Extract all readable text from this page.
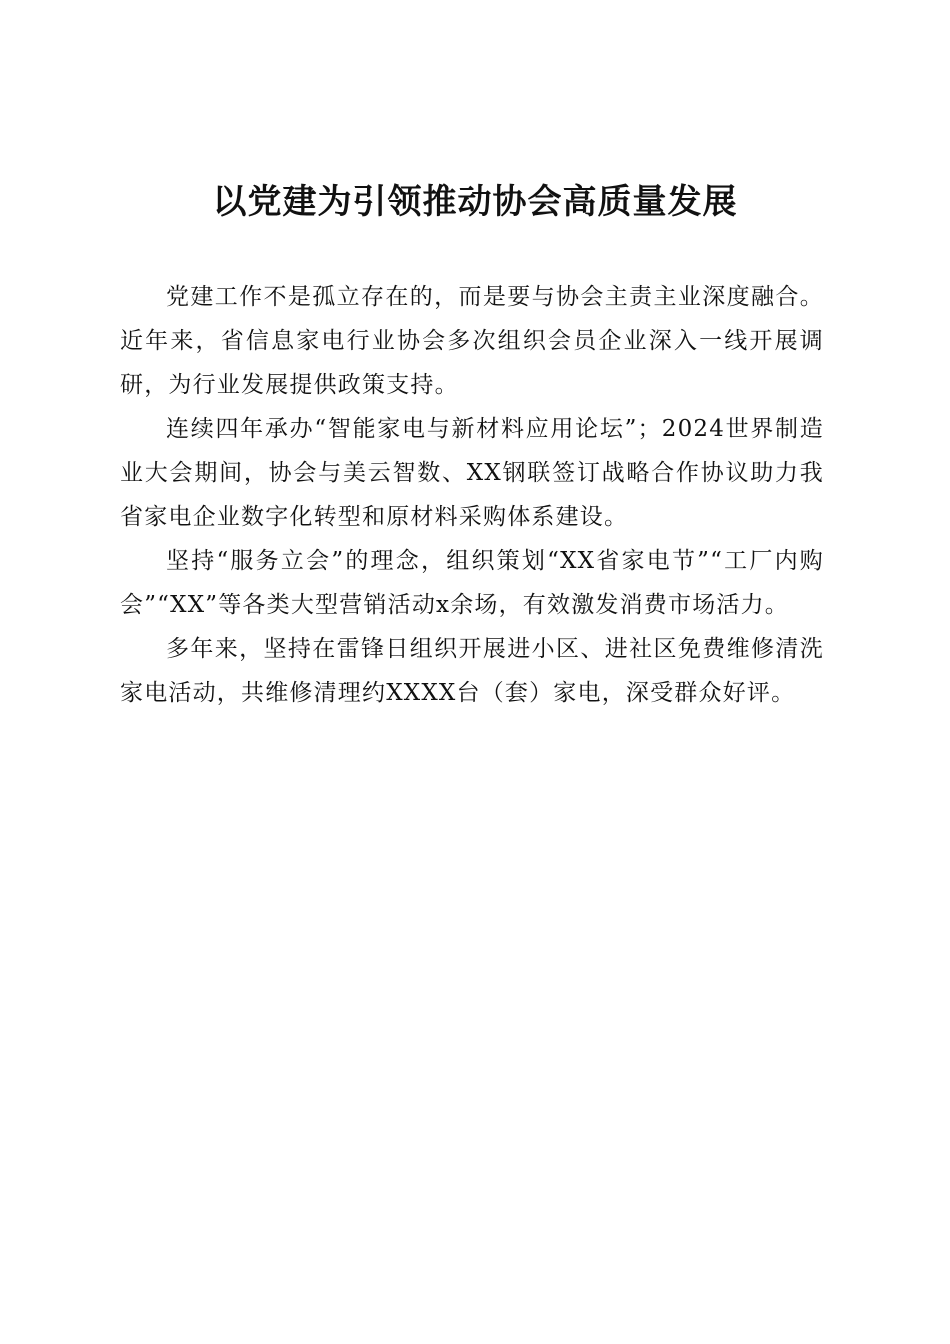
以党建为引领推动协会高质量发展

党建工作不是孤立存在的，而是要与协会主责主业深度融合。近年来，省信息家电行业协会多次组织会员企业深入一线开展调研，为行业发展提供政策支持。

连续四年承办“智能家电与新材料应用论坛”；2024世界制造业大会期间，协会与美云智数、XX钢联签订战略合作协议助力我省家电企业数字化转型和原材料采购体系建设。

坚持“服务立会”的理念，组织策划“XX省家电节”“工厂内购会”“XX”等各类大型营销活动x余场，有效激发消费市场活力。

多年来，坚持在雷锋日组织开展进小区、进社区免费维修清洗家电活动，共维修清理约XXXX台（套）家电，深受群众好评。
